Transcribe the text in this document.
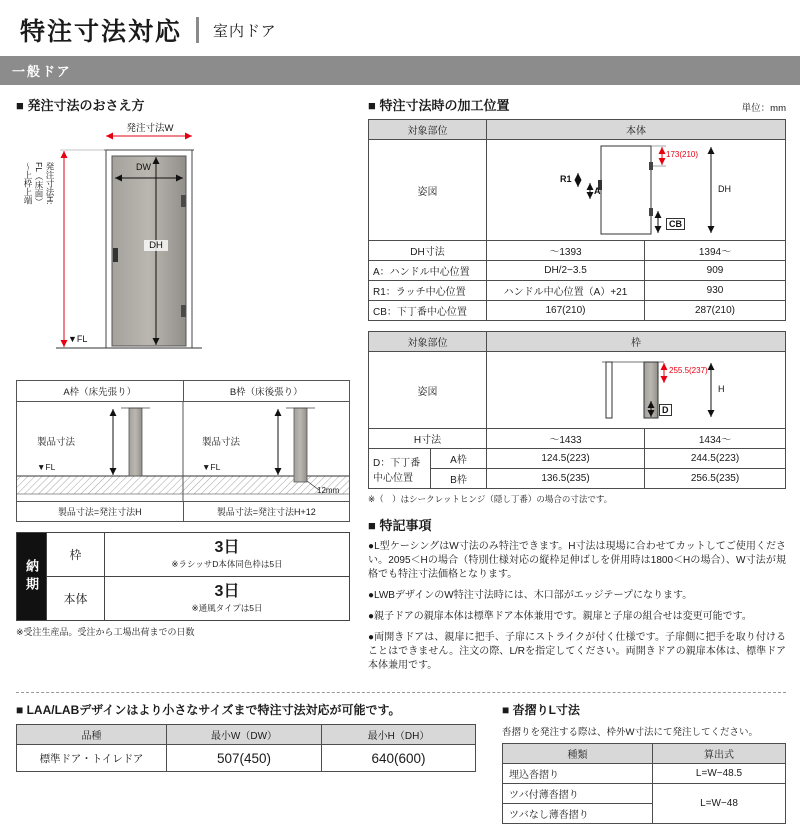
特注寸法対応 室内ドア
一般ドア
■ 発注寸法のおさえ方
発注寸法W
DW
DH
▼FL
発注寸法H:
FL（床面）
〜上枠上端
A枠（床先張り）	B枠（床後張り）
製品寸法
▼FL
製品寸法
▼FL
12mm
製品寸法=発注寸法H	製品寸法=発注寸法H+12
納期	枠	3日
※ラシッサD本体同色枠は5日

	本体	3日
※通風タイプは5日
※受注生産品。受注から工場出荷までの日数
■ 特注寸法時の加工位置	単位：mm
対象部位	本体	
姿図	173(210)
DH
R1
A
CB	

DH寸法	〜1393	1394〜
A：ハンドル中心位置	DH/2−3.5	909
R1：ラッチ中心位置	ハンドル中心位置（A）+21	930
CB：下丁番中心位置	167(210)	287(210)
対象部位		枠	
姿図		255.5(237)
H
D	

H寸法		〜1433	1434〜

D：下丁番
中心位置	A枠	124.5(223)	244.5(223)
	B枠	136.5(235)	256.5(235)
※（　）はシークレットヒンジ（隠し丁番）の場合の寸法です。
■ 特記事項
●L型ケーシングはW寸法のみ特注できます。H寸法は現場に合わせてカットしてご使用ください。2095＜Hの場合（特別仕様対応の縦枠足伸ばしを併用時は1800＜Hの場合）、W寸法が規格でも特注寸法価格となります。
●LWBデザインのW特注寸法時には、木口部がエッジテープになります。
●親子ドアの親扉本体は標準ドア本体兼用です。親扉と子扉の組合せは変更可能です。
●両開きドアは、親扉に把手、子扉にストライクが付く仕様です。子扉側に把手を取り付けることはできません。注文の際、L/Rを指定してください。両開きドアの親扉本体は、標準ドア本体兼用です。
■ LAA/LABデザインはより小さなサイズまで特注寸法対応が可能です。
品種	最小W（DW）	最小H（DH）
標準ドア・トイレドア	507(450)	640(600)
■ 沓摺りL寸法
沓摺りを発注する際は、枠外W寸法にて発注してください。
種類	算出式
埋込沓摺り	L=W−48.5
ツバ付薄沓摺り	L=W−48
ツバなし薄沓摺り	
